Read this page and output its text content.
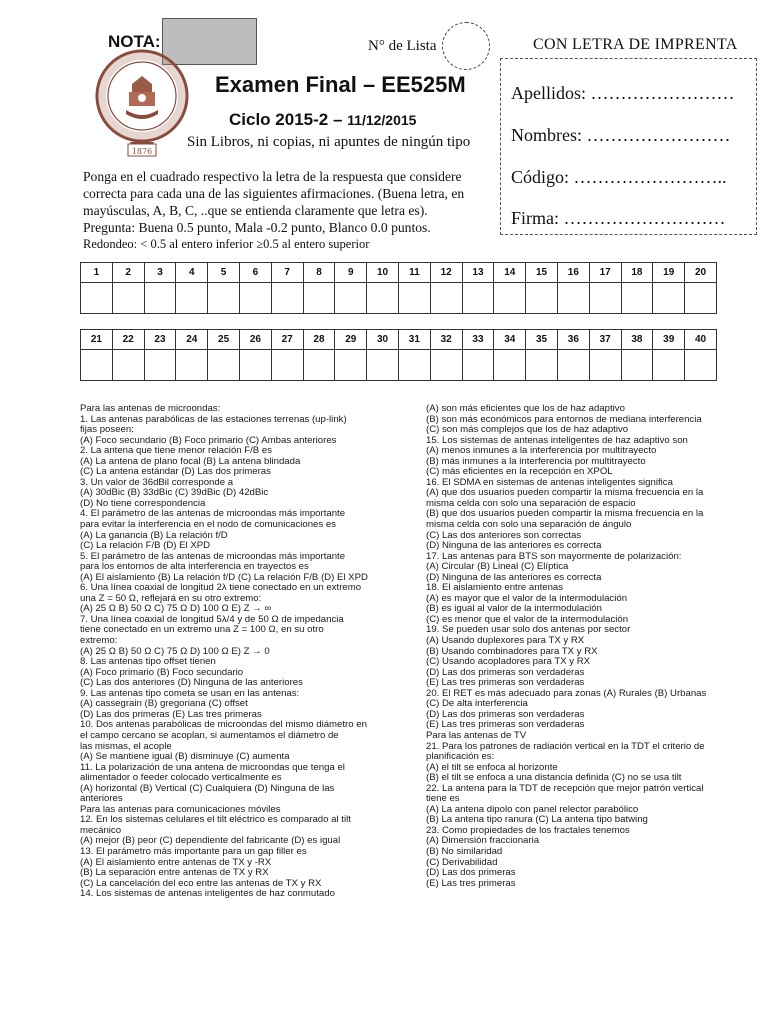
NOTA:	N° de Lista	CON LETRA DE IMPRENTA
1876
Examen Final – EE525M
Ciclo 2015-2 – 11/12/2015
Sin Libros, ni copias, ni apuntes de ningún tipo
Apellidos: ……………………
Nombres: ……………………
Código: ……………………..
Firma: ………………………
Ponga en el cuadrado respectivo la letra de la respuesta que considere
correcta para cada una de las siguientes afirmaciones. (Buena letra, en
mayúsculas, A, B, C, ..que se entienda claramente que letra es).
Pregunta: Buena 0.5 punto, Mala -0.2 punto, Blanco 0.0 puntos.
Redondeo: < 0.5 al entero inferior ≥0.5 al entero superior
1	2	3	4	5	6	7	8	9	10	11	12	13	14	15	16	17	18	19	20

21	22	23	24	25	26	27	28	29	30	31	32	33	34	35	36	37	38	39	40

Para las antenas de microondas:
1. Las antenas parabólicas de las estaciones terrenas (up-link)
fijas poseen:
(A) Foco secundario (B) Foco primario (C) Ambas anteriores
2. La antena que tiene menor relación F/B es
(A) La antena de plano focal (B) La antena blindada
(C) La antena estándar (D) Las dos primeras
3. Un valor de 36dBil corresponde a
(A) 30dBic (B) 33dBic (C) 39dBic (D) 42dBic
(D) No tiene correspondencia
4. El parámetro de las antenas de microondas más importante
para evitar la interferencia en el nodo de comunicaciones es
(A) La ganancia (B) La relación f/D
(C) La relación F/B (D) El XPD
5. El parámetro de las antenas de microondas más importante
para los entornos de alta interferencia en trayectos es
(A) El aislamiento (B) La relación f/D (C) La relación F/B (D) El XPD
6. Una línea coaxial de longitud 2λ tiene conectado en un extremo
una Z = 50 Ω, reflejará en su otro extremo:
(A) 25 Ω B) 50 Ω C) 75 Ω D) 100 Ω E) Z → ∞
7. Una línea coaxial de longitud 5λ/4 y de 50 Ω de impedancia
tiene conectado en un extremo una Z = 100 Ω, en su otro
extremo:
(A) 25 Ω B) 50 Ω C) 75 Ω D) 100 Ω E) Z → 0
8. Las antenas tipo offset tienen
(A) Foco primario (B) Foco secundario
(C) Las dos anteriores (D) Ninguna de las anteriores
9. Las antenas tipo cometa se usan en las antenas:
(A) cassegrain (B) gregoriana (C) offset
(D) Las dos primeras (E) Las tres primeras
10. Dos antenas parabólicas de microondas del mismo diámetro en
el campo cercano se acoplan, si aumentamos el diámetro de
las mismas, el acople
(A) Se mantiene igual (B) disminuye (C) aumenta
11. La polarización de una antena de microondas que tenga el
alimentador o feeder colocado verticalmente es
(A) horizontal (B) Vertical (C) Cualquiera (D) Ninguna de las
anteriores
Para las antenas para comunicaciones móviles
12. En los sistemas celulares el tilt eléctrico es comparado al tilt
mecánico
(A) mejor (B) peor (C) dependiente del fabricante (D) es igual
13. El parámetro más importante para un gap filler es
(A) El aislamiento entre antenas de TX y -RX
(B) La separación entre antenas de TX y RX
(C) La cancelación del eco entre las antenas de TX y RX
14. Los sistemas de antenas inteligentes de haz conmutado
(A) son más eficientes que los de haz adaptivo
(B) son más económicos para entornos de mediana interferencia
(C) son más complejos que los de haz adaptivo
15. Los sistemas de antenas inteligentes de haz adaptivo son
(A) menos inmunes a la interferencia por multitrayecto
(B) más inmunes a la interferencia por multitrayecto
(C) más eficientes en la recepción en XPOL
16. El SDMA en sistemas de antenas inteligentes significa
(A) que dos usuarios pueden compartir la misma frecuencia en la
misma celda con solo una separación de espacio
(B) que dos usuarios pueden compartir la misma frecuencia en la
misma celda con solo una separación de ángulo
(C) Las dos anteriores son correctas
(D) Ninguna de las anteriores es correcta
17. Las antenas para BTS son mayormente de polarización:
(A) Circular (B) Lineal (C) Elíptica
(D) Ninguna de las anteriores es correcta
18. El aislamiento entre antenas
(A) es mayor que el valor de la intermodulación
(B) es igual al valor de la intermodulación
(C) es menor que el valor de la intermodulación
19. Se pueden usar solo dos antenas por sector
(A) Usando duplexores para TX y RX
(B) Usando combinadores para TX y RX
(C) Usando acopladores para TX y RX
(D) Las dos primeras son verdaderas
(E) Las tres primeras son verdaderas
20. El RET es más adecuado para zonas (A) Rurales (B) Urbanas
(C) De alta interferencia
(D) Las dos primeras son verdaderas
(E) Las tres primeras son verdaderas
Para las antenas de TV
21. Para los patrones de radiación vertical en la TDT el criterio de
planificación es:
(A) el tilt se enfoca al horizonte
(B) el tilt se enfoca a una distancia definida (C) no se usa tilt
22. La antena para la TDT de recepción que mejor patrón vertical
tiene es
(A) La antena dipolo con panel relector parabólico
(B) La antena tipo ranura (C) La antena tipo batwing
23. Como propiedades de los fractales tenemos
(A) Dimensión fraccionaria
(B) No similaridad
(C) Derivabilidad
(D) Las dos primeras
(E) Las tres primeras
